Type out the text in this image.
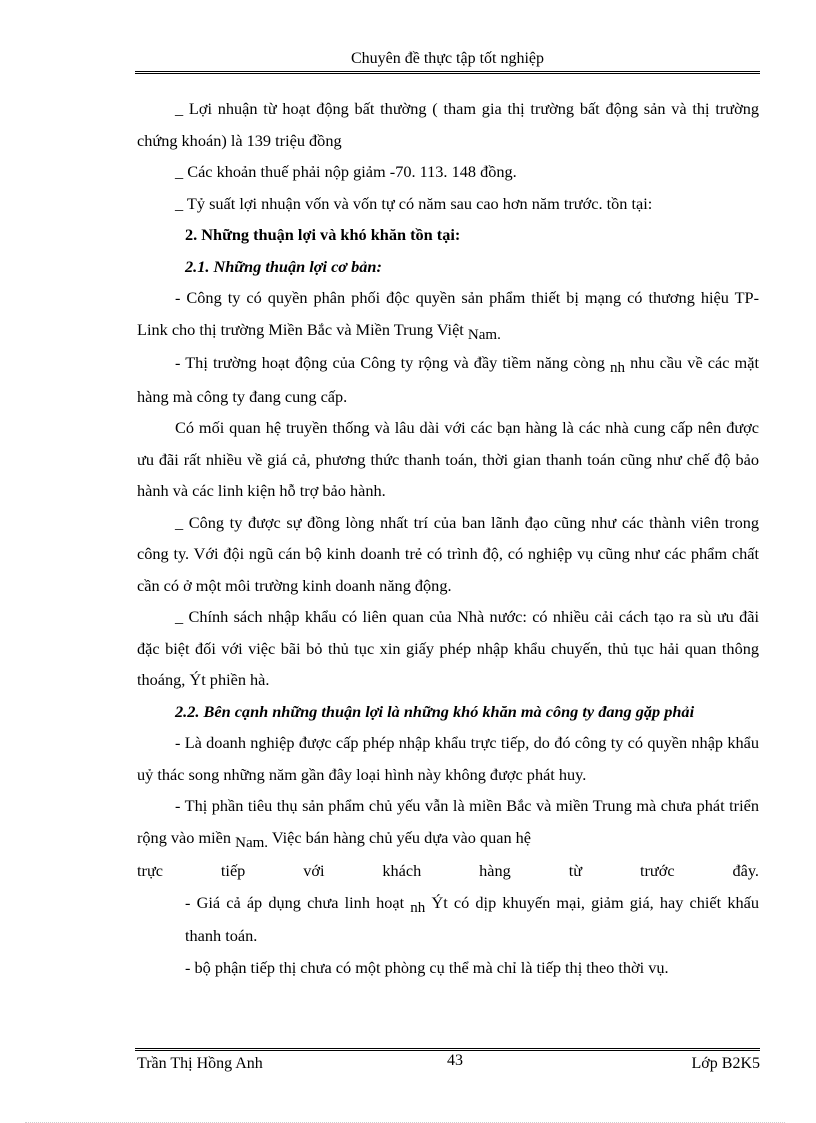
Chuyên đề thực tập tốt nghiệp

_ Lợi nhuận từ hoạt động bất thường ( tham gia thị trường bất động sản và thị trường chứng khoán) là 139 triệu đồng

_ Các khoản thuế phải nộp giảm -70. 113. 148 đồng.

_ Tỷ suất lợi nhuận vốn và vốn tự có năm sau cao hơn năm trước. tồn tại:

2. Những thuận lợi và khó khăn tồn tại:

2.1. Những thuận lợi cơ bản:

- Công ty có quyền phân phối độc quyền sản phẩm thiết bị mạng có thương hiệu TP- Link cho thị trường Miền Bắc và Miền Trung Việt Nam.

- Thị trường hoạt động của Công ty rộng và đầy tiềm năng còng nh nhu cầu về các mặt hàng mà công ty đang cung cấp.

Có mối quan hệ truyền thống và lâu dài với các bạn hàng là các nhà cung cấp nên được ưu đãi rất nhiều về giá cả, phương thức thanh toán, thời gian thanh toán cũng như chế độ bảo hành và các linh kiện hỗ trợ bảo hành.

_ Công ty được sự đồng lòng nhất trí của ban lãnh đạo cũng như các thành viên trong công ty. Với đội ngũ cán bộ kinh doanh trẻ có trình độ, có nghiệp vụ cũng như các phẩm chất cần có ở một môi trường kinh doanh năng động.

_ Chính sách nhập khẩu có liên quan của Nhà nước: có nhiều cải cách tạo ra sù ưu đãi đặc biệt đối với việc bãi bỏ thủ tục xin giấy phép nhập khẩu chuyến, thủ tục hải quan thông thoáng, Ýt phiền hà.

2.2. Bên cạnh những thuận lợi là những khó khăn mà công ty đang gặp phải

- Là doanh nghiệp được cấp phép nhập khẩu trực tiếp, do đó công ty có quyền nhập khẩu uỷ thác song những năm gần đây loại hình này không được phát huy.

- Thị phần tiêu thụ sản phẩm chủ yếu vẫn là miền Bắc và miền Trung mà chưa phát triển rộng vào miền Nam. Việc bán hàng chủ yếu dựa vào quan hệ

trực tiếp với khách hàng từ trước đây.

- Giá cả áp dụng chưa linh hoạt nh Ýt có dịp khuyến mại, giảm giá, hay chiết khấu thanh toán.

- bộ phận tiếp thị chưa có một phòng cụ thể mà chỉ là tiếp thị theo thời vụ.

Trần Thị Hồng Anh	43	Lớp B2K5
